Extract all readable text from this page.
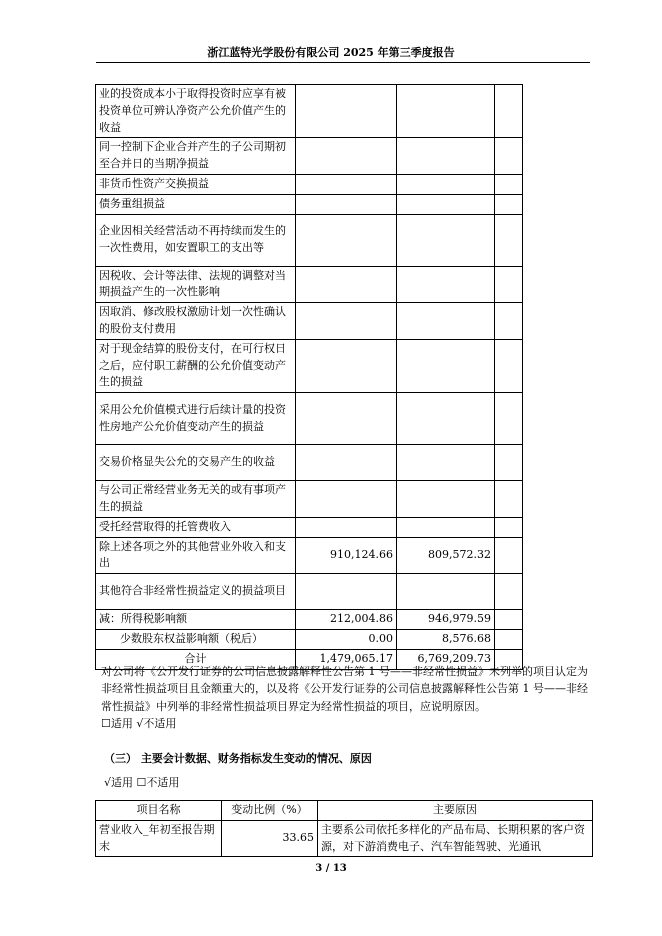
浙江蓝特光学股份有限公司 2025 年第三季度报告
业的投资成本小于取得投资时应享有被投资单位可辨认净资产公允价值产生的收益			
同一控制下企业合并产生的子公司期初至合并日的当期净损益			
非货币性资产交换损益			
债务重组损益			
企业因相关经营活动不再持续而发生的一次性费用，如安置职工的支出等			
因税收、会计等法律、法规的调整对当期损益产生的一次性影响			
因取消、修改股权激励计划一次性确认的股份支付费用			
对于现金结算的股份支付，在可行权日之后，应付职工薪酬的公允价值变动产生的损益			
采用公允价值模式进行后续计量的投资性房地产公允价值变动产生的损益			
交易价格显失公允的交易产生的收益			
与公司正常经营业务无关的或有事项产生的损益			
受托经营取得的托管费收入			
除上述各项之外的其他营业外收入和支出	910,124.66	809,572.32	
其他符合非经常性损益定义的损益项目			
减：所得税影响额	212,004.86	946,979.59	
少数股东权益影响额（税后）	0.00	8,576.68	
合计	1,479,065.17	6,769,209.73	
对公司将《公开发行证券的公司信息披露解释性公告第 1 号——非经常性损益》未列举的项目认定为非经常性损益项目且金额重大的，以及将《公开发行证券的公司信息披露解释性公告第 1 号——非经常性损益》中列举的非经常性损益项目界定为经常性损益的项目，应说明原因。
☐适用 √不适用
（三） 主要会计数据、财务指标发生变动的情况、原因
√适用 ☐不适用
项目名称	变动比例（%）	主要原因
营业收入_年初至报告期末	33.65	主要系公司依托多样化的产品布局、长期积累的客户资源，对下游消费电子、汽车智能驾驶、光通讯
3 / 13
